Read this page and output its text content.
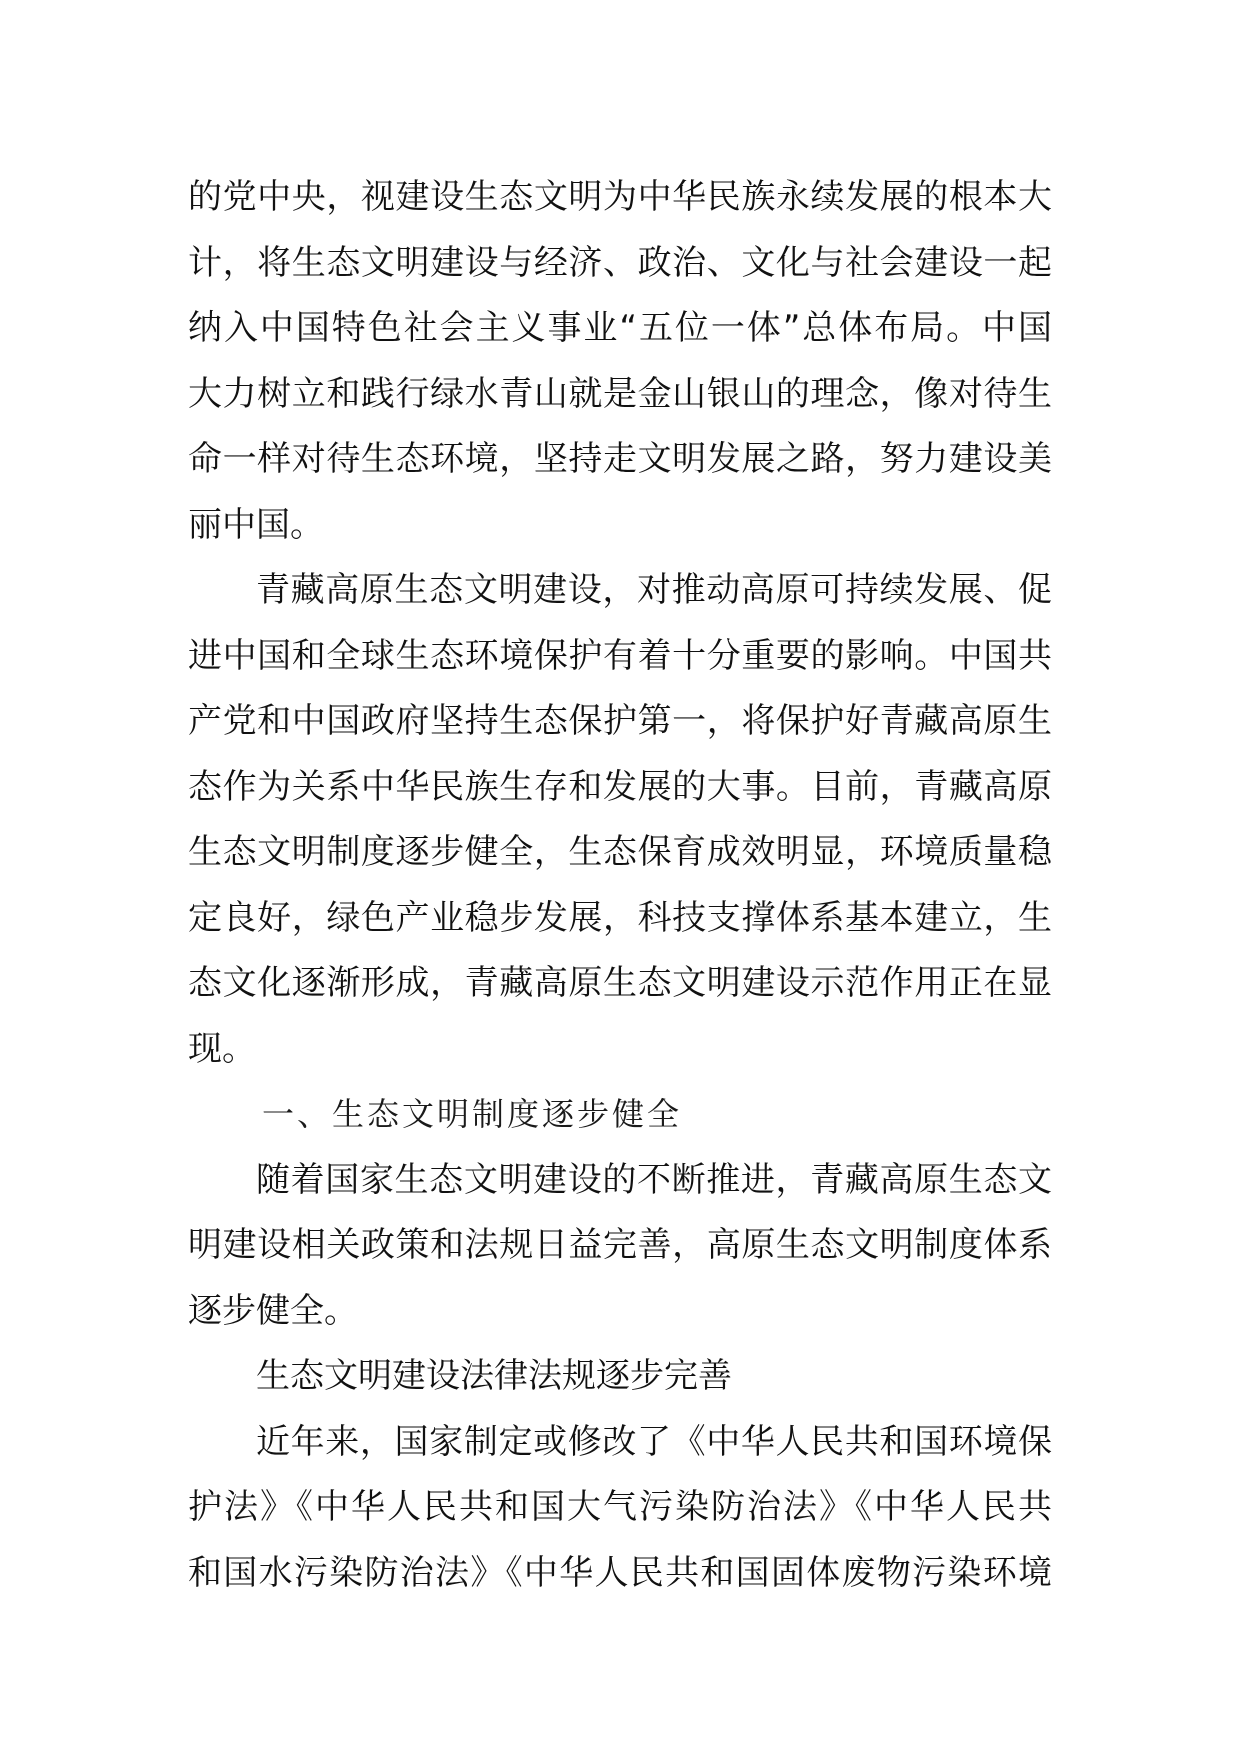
的党中央，视建设生态文明为中华民族永续发展的根本大
计，将生态文明建设与经济、政治、文化与社会建设一起
纳入中国特色社会主义事业“五位一体”总体布局。中国
大力树立和践行绿水青山就是金山银山的理念，像对待生
命一样对待生态环境，坚持走文明发展之路，努力建设美
丽中国。
青藏高原生态文明建设，对推动高原可持续发展、促
进中国和全球生态环境保护有着十分重要的影响。中国共
产党和中国政府坚持生态保护第一，将保护好青藏高原生
态作为关系中华民族生存和发展的大事。目前，青藏高原
生态文明制度逐步健全，生态保育成效明显，环境质量稳
定良好，绿色产业稳步发展，科技支撑体系基本建立，生
态文化逐渐形成，青藏高原生态文明建设示范作用正在显
现。
一、生态文明制度逐步健全
随着国家生态文明建设的不断推进，青藏高原生态文
明建设相关政策和法规日益完善，高原生态文明制度体系
逐步健全。
生态文明建设法律法规逐步完善
近年来，国家制定或修改了《中华人民共和国环境保
护法》《中华人民共和国大气污染防治法》《中华人民共
和国水污染防治法》《中华人民共和国固体废物污染环境
